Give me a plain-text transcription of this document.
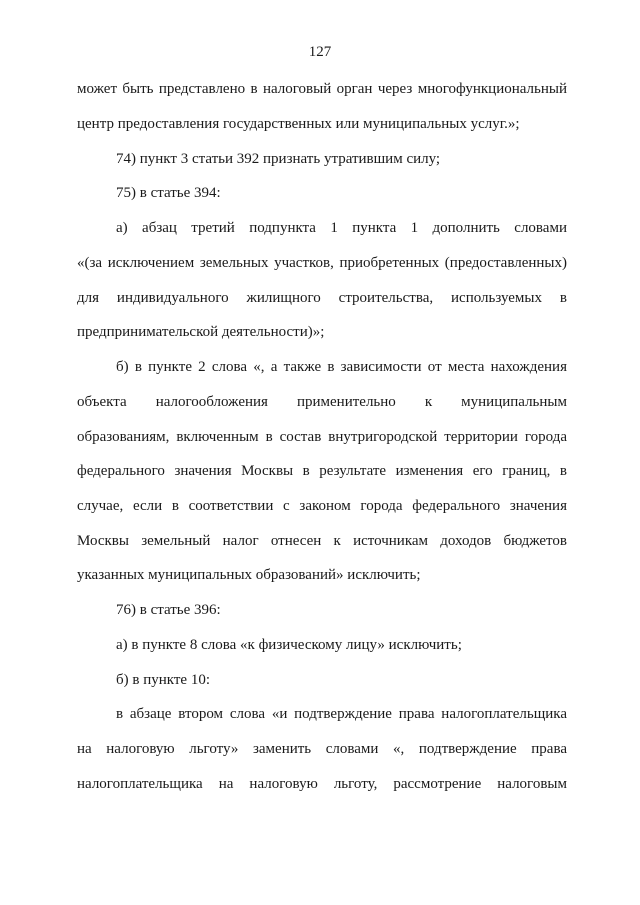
127
может быть представлено в налоговый орган через многофункциональный
центр предоставления государственных или муниципальных услуг.»;
74) пункт 3 статьи 392 признать утратившим силу;
75) в статье 394:
а) абзац третий подпункта 1 пункта 1 дополнить словами
«(за исключением земельных участков, приобретенных (предоставленных)
для индивидуального жилищного строительства, используемых в
предпринимательской деятельности)»;
б) в пункте 2 слова «, а также в зависимости от места нахождения
объекта налогообложения применительно к муниципальным
образованиям, включенным в состав внутригородской территории города
федерального значения Москвы в результате изменения его границ, в
случае, если в соответствии с законом города федерального значения
Москвы земельный налог отнесен к источникам доходов бюджетов
указанных муниципальных образований» исключить;
76) в статье 396:
а) в пункте 8 слова «к физическому лицу» исключить;
б) в пункте 10:
в абзаце втором слова «и подтверждение права налогоплательщика
на налоговую льготу» заменить словами «, подтверждение права
налогоплательщика на налоговую льготу, рассмотрение налоговым
